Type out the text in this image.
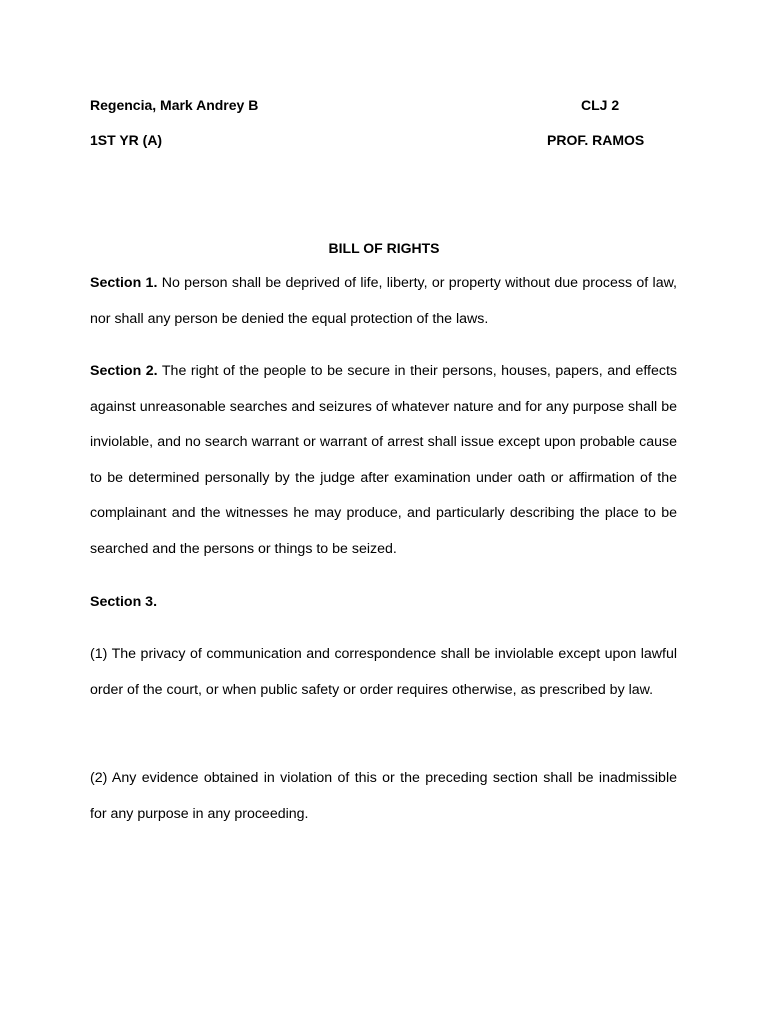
Regencia, Mark Andrey B	CLJ 2
1ST YR (A)	PROF. RAMOS
BILL OF RIGHTS

Section 1. No person shall be deprived of life, liberty, or property without due process of law, nor shall any person be denied the equal protection of the laws.

Section 2. The right of the people to be secure in their persons, houses, papers, and effects against unreasonable searches and seizures of whatever nature and for any purpose shall be inviolable, and no search warrant or warrant of arrest shall issue except upon probable cause to be determined personally by the judge after examination under oath or affirmation of the complainant and the witnesses he may produce, and particularly describing the place to be searched and the persons or things to be seized.

Section 3.

(1) The privacy of communication and correspondence shall be inviolable except upon lawful order of the court, or when public safety or order requires otherwise, as prescribed by law.

(2) Any evidence obtained in violation of this or the preceding section shall be inadmissible for any purpose in any proceeding.
